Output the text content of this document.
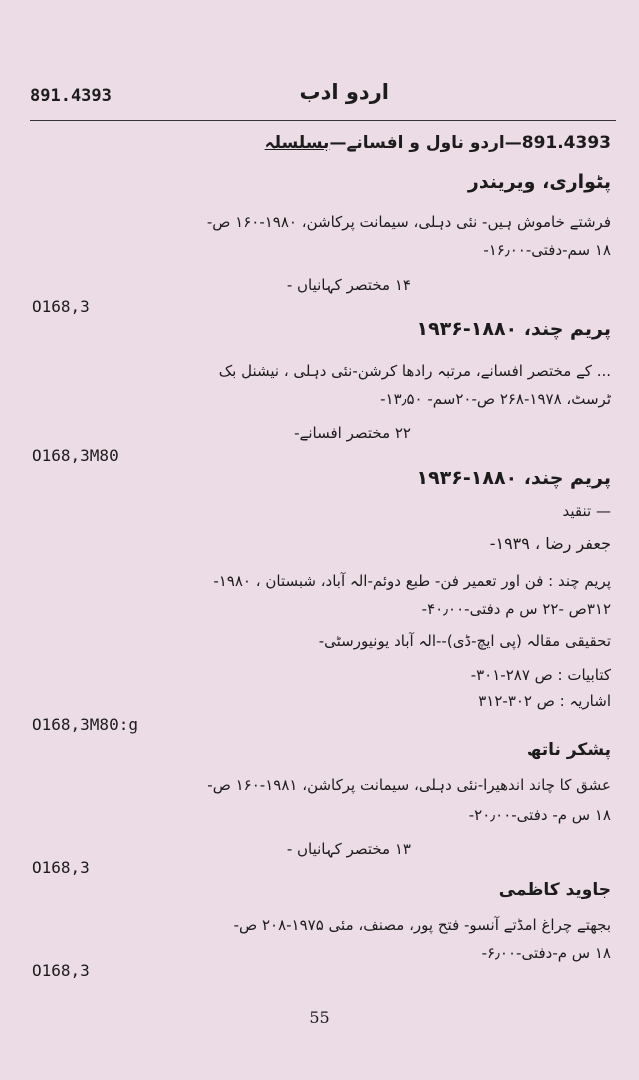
891.4393	اردو ادب
891.4393—اردو ناول و افسانے—بسلسلہ
پٹواری، ویریندر
فرشتے خاموش ہیں- نئی دہلی، سیمانت پرکاشن، ۱۹۸۰-۱۶۰ ص-
۱۸ سم-دفتی-۱۶٫۰۰-
۱۴ مختصر کہانیاں -
O168,3
پریم چند، ۱۸۸۰-۱۹۳۶
... کے مختصر افسانے، مرتبہ رادھا کرشن-نئی دہلی ، نیشنل بک
ٹرسٹ، ۱۹۷۸-۲۶۸ ص-۲۰سم- ۱۳٫۵۰-
۲۲ مختصر افسانے-
O168,3M80
پریم چند، ۱۸۸۰-۱۹۳۶
— تنقید
جعفر رضا ، ۱۹۳۹-
پریم چند : فن اور تعمیر فن- طبع دوئم-الہ آباد، شبستان ، ۱۹۸۰-
۳۱۲ص -۲۲ س م دفتی-۴۰٫۰۰-
تحقیقی مقالہ (پی ایچ-ڈی)--الہ آباد یونیورسٹی-
کتابیات : ص ۲۸۷-۳۰۱-
اشاریہ : ص ۳۰۲-۳۱۲
O168,3M80:g
پشکر ناتھ
عشق کا چاند اندھیرا-نئی دہلی، سیمانت پرکاشن، ۱۹۸۱-۱۶۰ ص-
۱۸ س م- دفتی-۲۰٫۰۰-
۱۳ مختصر کہانیاں -
O168,3
جاوید کاظمی
بجھتے چراغ امڈتے آنسو- فتح پور، مصنف، مئی ۱۹۷۵-۲۰۸ ص-
۱۸ س م-دفتی-۶٫۰۰-
O168,3
55
